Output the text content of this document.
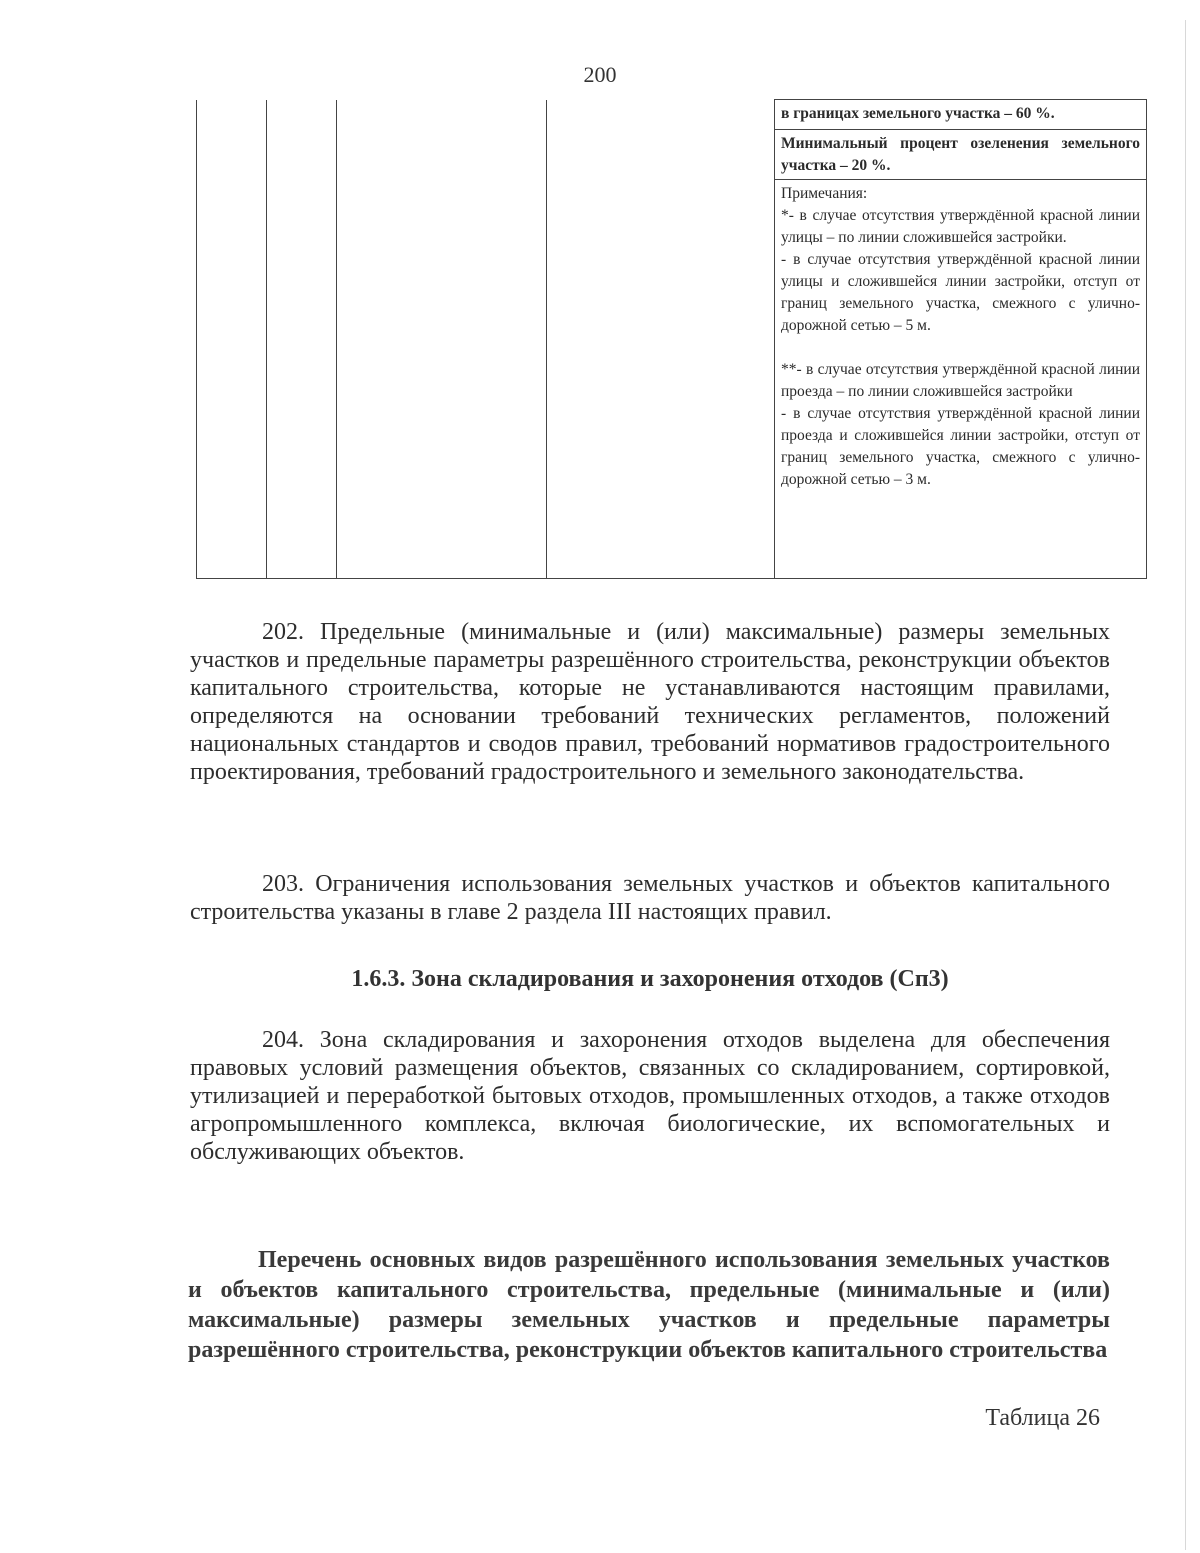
200
				в границах земельного участка – 60 %.
Минимальный процент озеленения земельного участка – 20 %.

Примечания:
*- в случае отсутствия утверждённой красной линии улицы – по линии сложившейся застройки.
- в случае отсутствия утверждённой красной линии улицы и сложившейся линии застройки, отступ от границ земельного участка, смежного с улично-дорожной сетью – 5 м.
**- в случае отсутствия утверждённой красной линии проезда – по линии сложившейся застройки
- в случае отсутствия утверждённой красной линии проезда и сложившейся линии застройки, отступ от границ земельного участка, смежного с улично-дорожной сетью – 3 м.

202. Предельные (минимальные и (или) максимальные) размеры земельных участков и предельные параметры разрешённого строительства, реконструкции объектов капитального строительства, которые не устанавливаются настоящим правилами, определяются на основании требований технических регламентов, положений национальных стандартов и сводов правил, требований нормативов градостроительного проектирования, требований градостроительного и земельного законодательства.

203. Ограничения использования земельных участков и объектов капитального строительства указаны в главе 2 раздела III настоящих правил.

1.6.3. Зона складирования и захоронения отходов (Сп3)

204. Зона складирования и захоронения отходов выделена для обеспечения правовых условий размещения объектов, связанных со складированием, сортировкой, утилизацией и переработкой бытовых отходов, промышленных отходов, а также отходов агропромышленного комплекса, включая биологические, их вспомогательных и обслуживающих объектов.

Перечень основных видов разрешённого использования земельных участков и объектов капитального строительства, предельные (минимальные и (или) максимальные) размеры земельных участков и предельные параметры разрешённого строительства, реконструкции объектов капитального строительства

Таблица 26
